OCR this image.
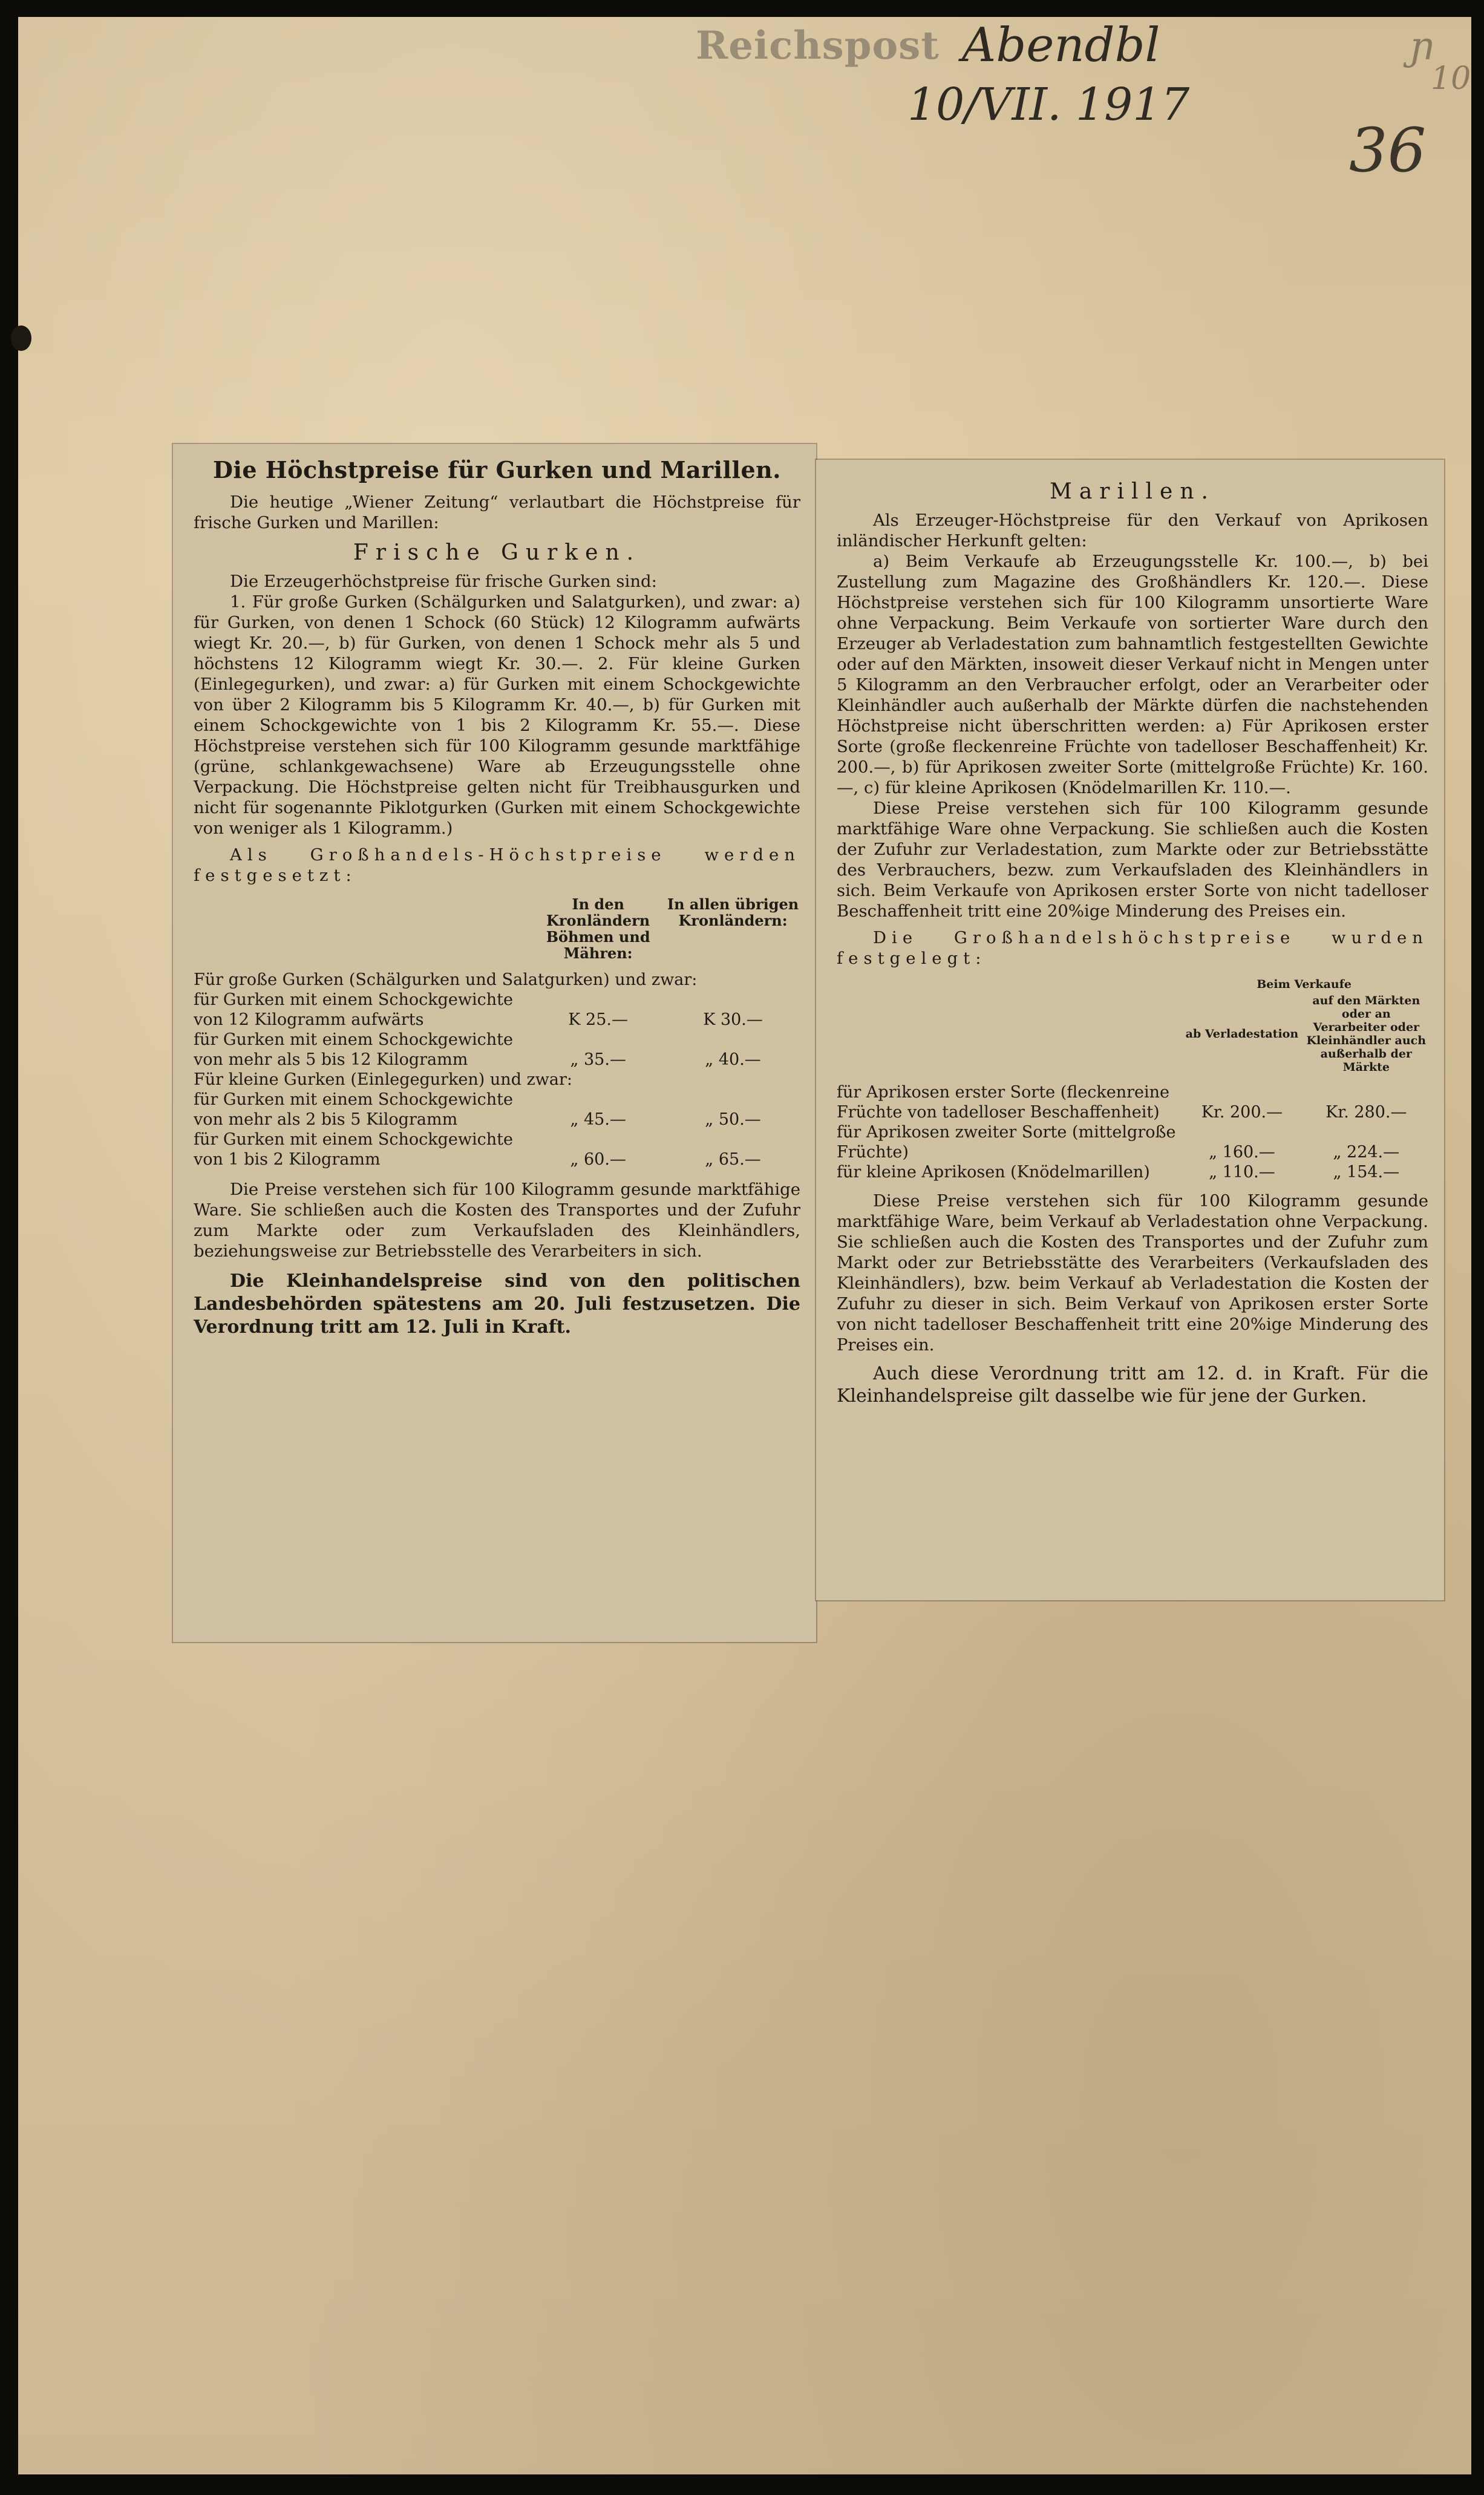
Reichspost Abendbl
10/VII. 1917
36
ɲ
10
Die Höchstpreise für Gurken und Marillen.

Die heutige „Wiener Zeitung“ verlautbart die Höchstpreise für frische Gurken und Marillen:

Frische Gurken.

Die Erzeugerhöchstpreise für frische Gurken sind:

1. Für große Gurken (Schälgurken und Salatgurken), und zwar: a) für Gurken, von denen 1 Schock (60 Stück) 12 Kilogramm aufwärts wiegt Kr. 20.—, b) für Gurken, von denen 1 Schock mehr als 5 und höchstens 12 Kilogramm wiegt Kr. 30.—. 2. Für kleine Gurken (Einlegegurken), und zwar: a) für Gurken mit einem Schockgewichte von über 2 Kilogramm bis 5 Kilogramm Kr. 40.—, b) für Gurken mit einem Schockgewichte von 1 bis 2 Kilogramm Kr. 55.—. Diese Höchstpreise verstehen sich für 100 Kilogramm gesunde marktfähige (grüne, schlankgewachsene) Ware ab Erzeugungsstelle ohne Verpackung. Die Höchstpreise gelten nicht für Treibhausgurken und nicht für sogenannte Piklotgurken (Gurken mit einem Schockgewichte von weniger als 1 Kilogramm.)

Als Großhandels-Höchstpreise werden festgesetzt:

	In den Kronländern Böhmen und Mähren:	In allen übrigen Kronländern:
Für große Gurken (Schälgurken und Salatgurken) und zwar:		
für Gurken mit einem Schockgewichte von 12 Kilogramm aufwärts	K 25.—	K 30.—
für Gurken mit einem Schockgewichte von mehr als 5 bis 12 Kilogramm	„ 35.—	„ 40.—
Für kleine Gurken (Einlegegurken) und zwar:		
für Gurken mit einem Schockgewichte von mehr als 2 bis 5 Kilogramm	„ 45.—	„ 50.—
für Gurken mit einem Schockgewichte von 1 bis 2 Kilogramm	„ 60.—	„ 65.—

Die Preise verstehen sich für 100 Kilogramm gesunde marktfähige Ware. Sie schließen auch die Kosten des Transportes und der Zufuhr zum Markte oder zum Verkaufsladen des Kleinhändlers, beziehungsweise zur Betriebsstelle des Verarbeiters in sich.

Die Kleinhandelspreise sind von den politischen Landesbehörden spätestens am 20. Juli festzusetzen. Die Verordnung tritt am 12. Juli in Kraft.

Marillen.

Als Erzeuger-Höchstpreise für den Verkauf von Aprikosen inländischer Herkunft gelten:

a) Beim Verkaufe ab Erzeugungsstelle Kr. 100.—, b) bei Zustellung zum Magazine des Großhändlers Kr. 120.—. Diese Höchstpreise verstehen sich für 100 Kilogramm unsortierte Ware ohne Verpackung. Beim Verkaufe von sortierter Ware durch den Erzeuger ab Verladestation zum bahnamtlich festgestellten Gewichte oder auf den Märkten, insoweit dieser Verkauf nicht in Mengen unter 5 Kilogramm an den Verbraucher erfolgt, oder an Verarbeiter oder Kleinhändler auch außerhalb der Märkte dürfen die nachstehenden Höchstpreise nicht überschritten werden: a) Für Aprikosen erster Sorte (große fleckenreine Früchte von tadelloser Beschaffenheit) Kr. 200.—, b) für Aprikosen zweiter Sorte (mittelgroße Früchte) Kr. 160.—, c) für kleine Aprikosen (Knödelmarillen Kr. 110.—.

Diese Preise verstehen sich für 100 Kilogramm gesunde marktfähige Ware ohne Verpackung. Sie schließen auch die Kosten der Zufuhr zur Verladestation, zum Markte oder zur Betriebsstätte des Verbrauchers, bezw. zum Verkaufsladen des Kleinhändlers in sich. Beim Verkaufe von Aprikosen erster Sorte von nicht tadelloser Beschaffenheit tritt eine 20%ige Minderung des Preises ein.

Die Großhandelshöchstpreise wurden festgelegt:

	Beim Verkaufe	
	ab Verladestation	auf den Märkten oder an Verarbeiter oder Kleinhändler auch außerhalb der Märkte
für Aprikosen erster Sorte (fleckenreine Früchte von tadelloser Beschaffenheit)	Kr. 200.—	Kr. 280.—
für Aprikosen zweiter Sorte (mittelgroße Früchte)	„ 160.—	„ 224.—
für kleine Aprikosen (Knödelmarillen)	„ 110.—	„ 154.—

Diese Preise verstehen sich für 100 Kilogramm gesunde marktfähige Ware, beim Verkauf ab Verladestation ohne Verpackung. Sie schließen auch die Kosten des Transportes und der Zufuhr zum Markt oder zur Betriebsstätte des Verarbeiters (Verkaufsladen des Kleinhändlers), bzw. beim Verkauf ab Verladestation die Kosten der Zufuhr zu dieser in sich. Beim Verkauf von Aprikosen erster Sorte von nicht tadelloser Beschaffenheit tritt eine 20%ige Minderung des Preises ein.

Auch diese Verordnung tritt am 12. d. in Kraft. Für die Kleinhandelspreise gilt dasselbe wie für jene der Gurken.
